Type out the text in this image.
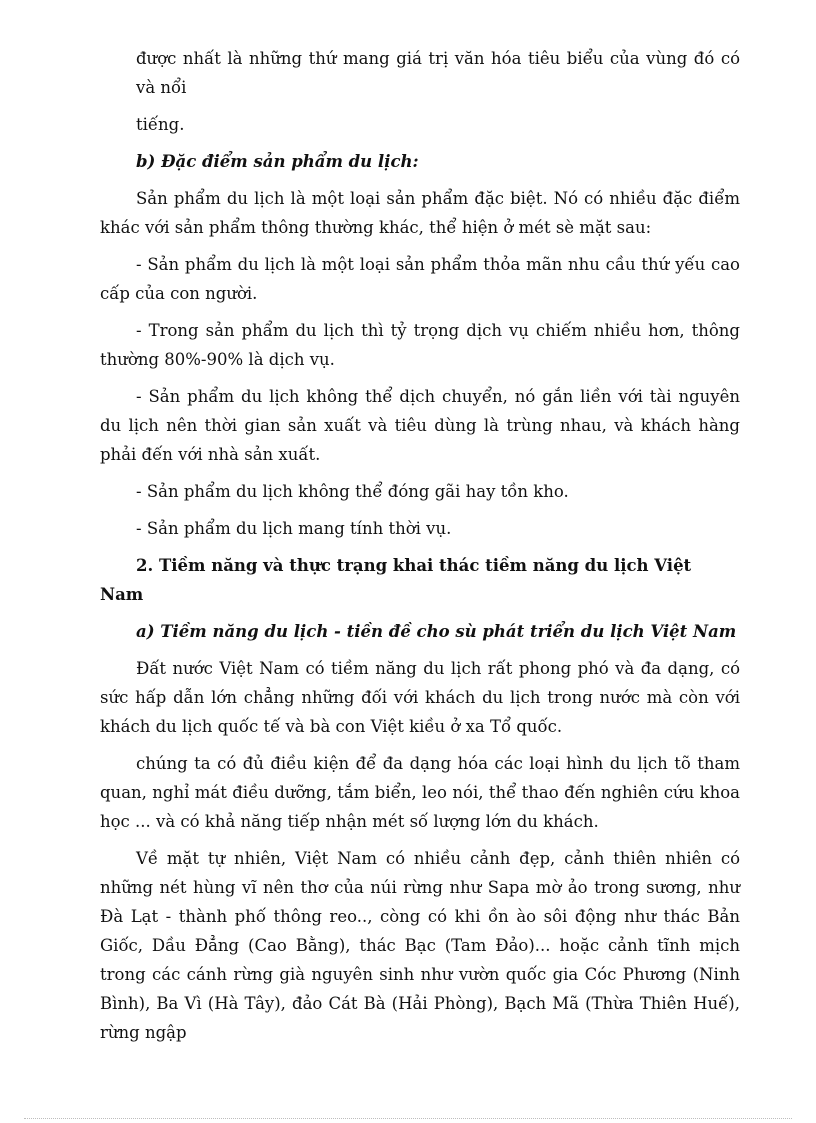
được nhất là những thứ mang giá trị văn hóa tiêu biểu của vùng đó có và nổi

tiếng.

b) Đặc điểm sản phẩm du lịch:

Sản phẩm du lịch là một loại sản phẩm đặc biệt. Nó có nhiều đặc điểm khác với sản phẩm thông thường khác, thể hiện ở mét sè mặt sau:

- Sản phẩm du lịch là một loại sản phẩm thỏa mãn nhu cầu thứ yếu cao cấp của con người.

- Trong sản phẩm du lịch thì tỷ trọng dịch vụ chiếm nhiều hơn, thông thường 80%-90% là dịch vụ.

- Sản phẩm du lịch không thể dịch chuyển, nó gắn liền với tài nguyên du lịch nên thời gian sản xuất và tiêu dùng là trùng nhau, và khách hàng phải đến với nhà sản xuất.

- Sản phẩm du lịch không thể đóng gãi hay tồn kho.

- Sản phẩm du lịch mang tính thời vụ.

2. Tiềm năng và thực trạng khai thác tiềm năng du lịch Việt Nam

a) Tiềm năng du lịch - tiền đề cho sù phát triển du lịch Việt Nam

Đất nước Việt Nam có tiềm năng du lịch rất phong phó và đa dạng, có sức hấp dẫn lớn chẳng những đối với khách du lịch trong nước mà còn với khách du lịch quốc tế và bà con Việt kiều ở xa Tổ quốc.

chúng ta có đủ điều kiện để đa dạng hóa các loại hình du lịch tõ tham quan, nghỉ mát điều dưỡng, tắm biển, leo nói, thể thao đến nghiên cứu khoa học ... và có khả năng tiếp nhận mét số lượng lớn du khách.

Về mặt tự nhiên, Việt Nam có nhiều cảnh đẹp, cảnh thiên nhiên có những nét hùng vĩ nên thơ của núi rừng như Sapa mờ ảo trong sương, như Đà Lạt - thành phố thông reo.., còng có khi ồn ào sôi động như thác Bản Giốc, Dầu Đẳng (Cao Bằng), thác Bạc (Tam Đảo)... hoặc cảnh tĩnh mịch trong các cánh rừng già nguyên sinh như vườn quốc gia Cóc Phương (Ninh Bình), Ba Vì (Hà Tây), đảo Cát Bà (Hải Phòng), Bạch Mã (Thừa Thiên Huế), rừng ngập
